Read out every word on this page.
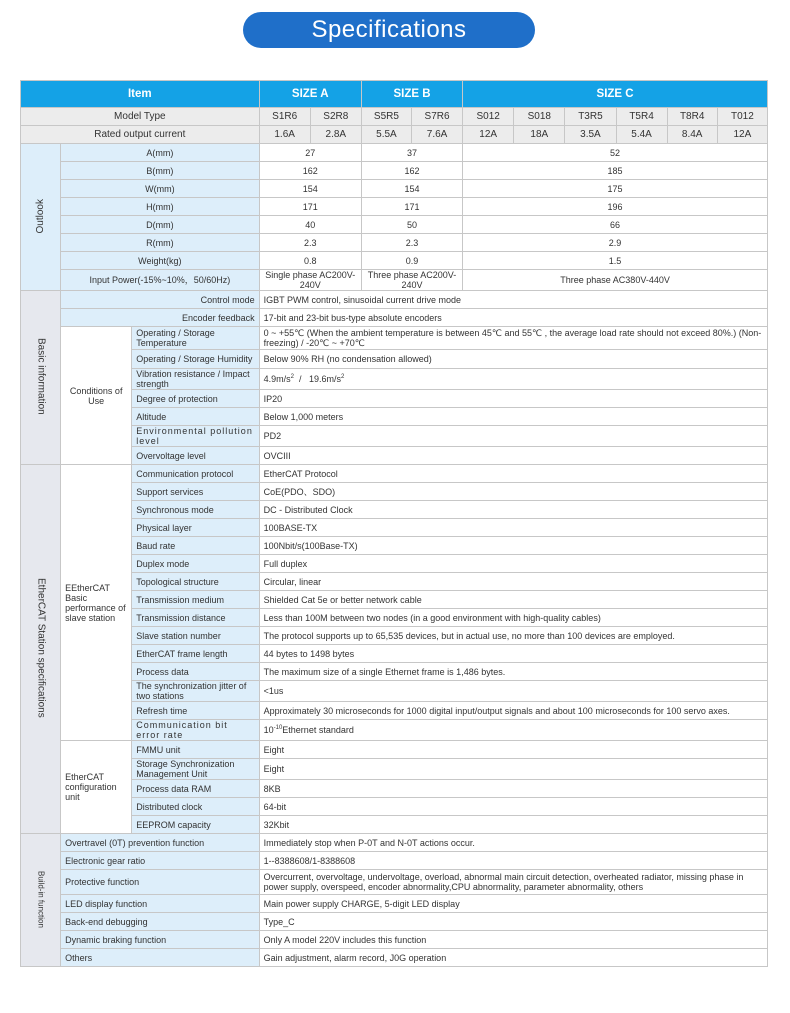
Specifications
Item			SIZE A		SIZE B		SIZE C					
Model Type			S1R6	S2R8	S5R5	S7R6	S012	S018	T3R5	T5R4	T8R4	T012
Rated output current			1.6A	2.8A	5.5A	7.6A	12A	18A	3.5A	5.4A	8.4A	12A
Outlook	A(mm)		27		37		52					
	B(mm)		162		162		185					
	W(mm)		154		154		175					
	H(mm)		171		171		196					
	D(mm)		40		50		66					
	R(mm)		2.3		2.3		2.9					
	Weight(kg)		0.8		0.9		1.5					
	Input Power(-15%~10%，50/60Hz)		Single phase AC200V-240V		Three phase AC200V-240V		Three phase AC380V-440V					
Basic information	Control mode		IGBT PWM control, sinusoidal current drive mode									
	Encoder feedback		17-bit and 23-bit bus-type absolute encoders									
	Conditions of Use	Operating / Storage Temperature	0 ~ +55℃ (When the ambient temperature is between 45℃ and 55℃ , the average load rate should not exceed 80%.) (Non-freezing) / -20℃ ~ +70℃									
		Operating / Storage Humidity	Below 90% RH (no condensation allowed)									
		Vibration resistance / Impact strength	$4.9m/s^2 / 19.6m/s^2$
		Degree of protection	IP20									
		Altitude	Below 1,000 meters									
		Environmental pollution level	PD2									
		Overvoltage level	OVCIII									
EtherCAT Station specifications	EEtherCAT Basic performance of slave station	Communication protocol	EtherCAT Protocol									
		Support services	CoE(PDO、SDO)									
		Synchronous mode	DC - Distributed Clock									
		Physical layer	100BASE-TX									
		Baud rate	100Nbit/s(100Base-TX)									
		Duplex mode	Full duplex									
		Topological structure	Circular, linear									
		Transmission medium	Shielded Cat 5e or better network cable									
		Transmission distance	Less than 100M between two nodes (in a good environment with high-quality cables)									
		Slave station number	The protocol supports up to 65,535 devices, but in actual use, no more than 100 devices are employed.									
		EtherCAT frame length	44 bytes to 1498 bytes									
		Process data	The maximum size of a single Ethernet frame is 1,486 bytes.									
		The synchronization jitter of two stations	<1us									
		Refresh time	Approximately 30 microseconds for 1000 digital input/output signals and about 100 microseconds for 100 servo axes.									
		Communication bit error rate	$10^{-10}Ethernet$ standard									
	EtherCAT configuration unit	FMMU unit	Eight									
		Storage Synchronization Management Unit	Eight									
		Process data RAM	8KB									
		Distributed clock	64-bit									
		EEPROM capacity	32Kbit									
Build-in function	Overtravel (0T) prevention function		Immediately stop when P-0T and N-0T actions occur.									
	Electronic gear ratio		1--8388608/1-8388608									
	Protective function		Overcurrent, overvoltage, undervoltage, overload, abnormal main circuit detection, overheated radiator, missing phase in power supply, overspeed, encoder abnormality,CPU abnormality, parameter abnormality, others									
	LED display function		Main power supply CHARGE, 5-digit LED display									
	Back-end debugging		Type_C									
	Dynamic braking function		Only A model 220V includes this function									
	Others		Gain adjustment, alarm record, J0G operation									
